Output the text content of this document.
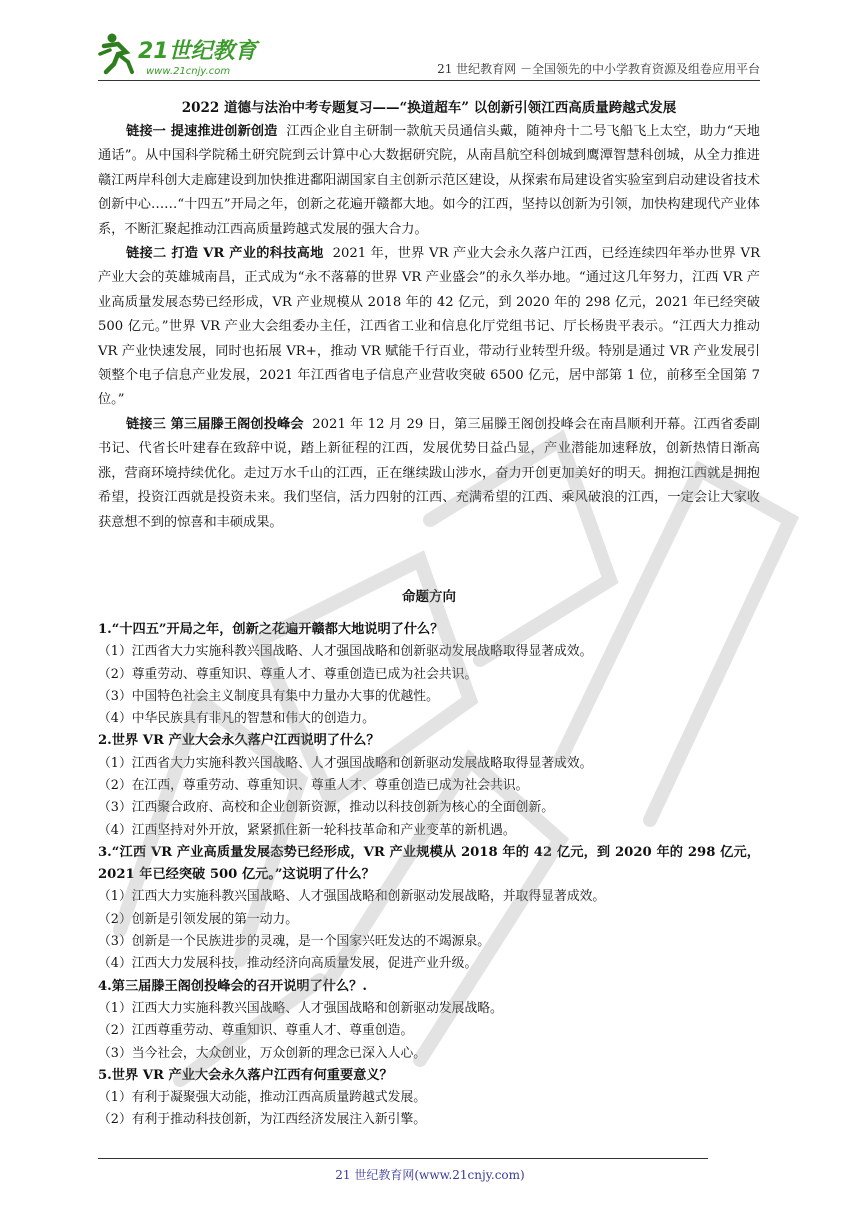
21世纪教育
www.21cnjy.com	21 世纪教育网 －全国领先的中小学教育资源及组卷应用平台
2022 道德与法治中考专题复习——“换道超车” 以创新引领江西高质量跨越式发展

链接一 提速推进创新创造 江西企业自主研制一款航天员通信头戴，随神舟十二号飞船飞上太空，助力“天地通话”。从中国科学院稀土研究院到云计算中心大数据研究院，从南昌航空科创城到鹰潭智慧科创城，从全力推进赣江两岸科创大走廊建设到加快推进鄱阳湖国家自主创新示范区建设，从探索布局建设省实验室到启动建设省技术创新中心……“十四五”开局之年，创新之花遍开赣都大地。如今的江西，坚持以创新为引领，加快构建现代产业体系，不断汇聚起推动江西高质量跨越式发展的强大合力。

链接二 打造 VR 产业的科技高地 2021 年，世界 VR 产业大会永久落户江西，已经连续四年举办世界 VR 产业大会的英雄城南昌，正式成为“永不落幕的世界 VR 产业盛会”的永久举办地。“通过这几年努力，江西 VR 产业高质量发展态势已经形成，VR 产业规模从 2018 年的 42 亿元，到 2020 年的 298 亿元，2021 年已经突破 500 亿元。”世界 VR 产业大会组委办主任，江西省工业和信息化厅党组书记、厅长杨贵平表示。“江西大力推动 VR 产业快速发展，同时也拓展 VR+，推动 VR 赋能千行百业，带动行业转型升级。特别是通过 VR 产业发展引领整个电子信息产业发展，2021 年江西省电子信息产业营收突破 6500 亿元，居中部第 1 位，前移至全国第 7 位。”

链接三 第三届滕王阁创投峰会 2021 年 12 月 29 日，第三届滕王阁创投峰会在南昌顺利开幕。江西省委副书记、代省长叶建春在致辞中说，踏上新征程的江西，发展优势日益凸显，产业潜能加速释放，创新热情日渐高涨，营商环境持续优化。走过万水千山的江西，正在继续跋山涉水，奋力开创更加美好的明天。拥抱江西就是拥抱希望，投资江西就是投资未来。我们坚信，活力四射的江西、充满希望的江西、乘风破浪的江西，一定会让大家收获意想不到的惊喜和丰硕成果。

命题方向

1.“十四五”开局之年，创新之花遍开赣都大地说明了什么？

（1）江西省大力实施科教兴国战略、人才强国战略和创新驱动发展战略取得显著成效。

（2）尊重劳动、尊重知识、尊重人才、尊重创造已成为社会共识。

（3）中国特色社会主义制度具有集中力量办大事的优越性。

（4）中华民族具有非凡的智慧和伟大的创造力。

2.世界 VR 产业大会永久落户江西说明了什么？

（1）江西省大力实施科教兴国战略、人才强国战略和创新驱动发展战略取得显著成效。

（2）在江西，尊重劳动、尊重知识、尊重人才、尊重创造已成为社会共识。

（3）江西聚合政府、高校和企业创新资源，推动以科技创新为核心的全面创新。

（4）江西坚持对外开放，紧紧抓住新一轮科技革命和产业变革的新机遇。

3.“江西 VR 产业高质量发展态势已经形成，VR 产业规模从 2018 年的 42 亿元，到 2020 年的 298 亿元，2021 年已经突破 500 亿元。”这说明了什么？

（1）江西大力实施科教兴国战略、人才强国战略和创新驱动发展战略，并取得显著成效。

（2）创新是引领发展的第一动力。

（3）创新是一个民族进步的灵魂，是一个国家兴旺发达的不竭源泉。

（4）江西大力发展科技，推动经济向高质量发展，促进产业升级。

4.第三届滕王阁创投峰会的召开说明了什么？.

（1）江西大力实施科教兴国战略、人才强国战略和创新驱动发展战略。

（2）江西尊重劳动、尊重知识、尊重人才、尊重创造。

（3）当今社会，大众创业，万众创新的理念已深入人心。

5.世界 VR 产业大会永久落户江西有何重要意义？

（1）有利于凝聚强大动能，推动江西高质量跨越式发展。

（2）有利于推动科技创新，为江西经济发展注入新引擎。

21 世纪教育网(www.21cnjy.com)
